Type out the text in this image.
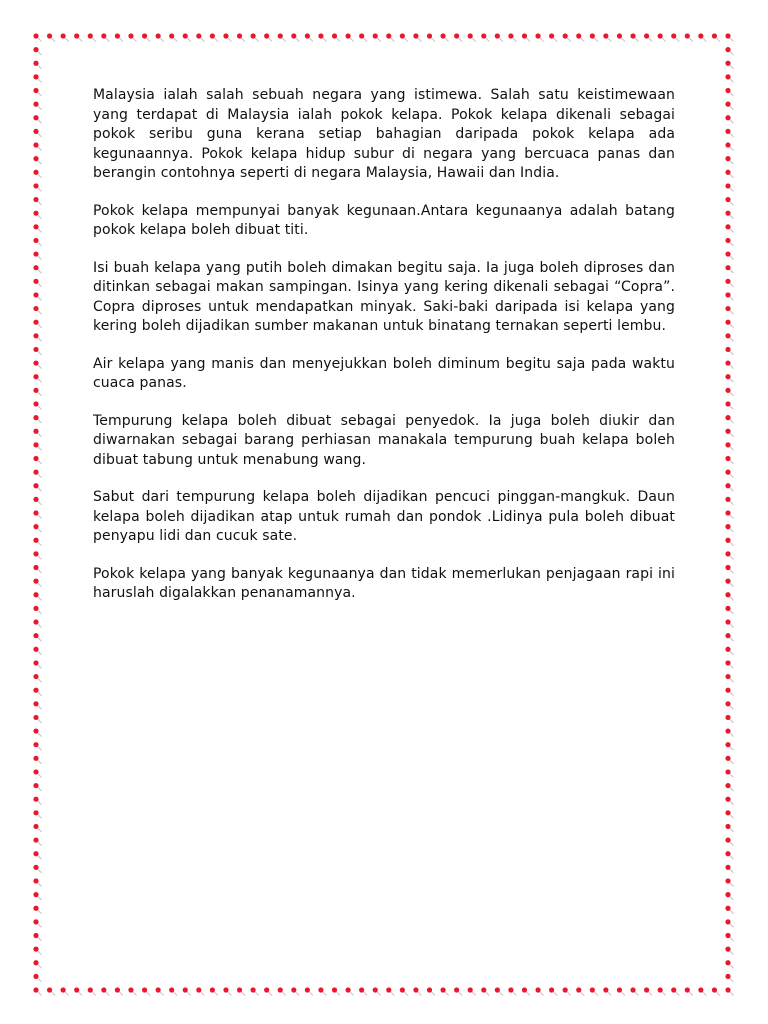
Malaysia ialah salah sebuah negara yang istimewa. Salah satu keistimewaan yang terdapat di Malaysia ialah pokok kelapa. Pokok kelapa dikenali sebagai pokok seribu guna kerana setiap bahagian daripada pokok kelapa ada kegunaannya. Pokok kelapa hidup subur di negara yang bercuaca panas dan berangin contohnya seperti di negara Malaysia, Hawaii dan India.

Pokok kelapa mempunyai banyak kegunaan.Antara kegunaanya adalah batang pokok kelapa boleh dibuat titi.

Isi buah kelapa yang putih boleh dimakan begitu saja. Ia juga boleh diproses dan ditinkan sebagai makan sampingan. Isinya yang kering dikenali sebagai “Copra”. Copra diproses untuk mendapatkan minyak. Saki-baki daripada isi kelapa yang kering boleh dijadikan sumber makanan untuk binatang ternakan seperti lembu.

Air kelapa yang manis dan menyejukkan boleh diminum begitu saja pada waktu cuaca panas.

Tempurung kelapa boleh dibuat sebagai penyedok. Ia juga boleh diukir dan diwarnakan sebagai barang perhiasan manakala tempurung buah kelapa boleh dibuat tabung untuk menabung wang.

Sabut dari tempurung kelapa boleh dijadikan pencuci pinggan-mangkuk. Daun kelapa boleh dijadikan atap untuk rumah dan pondok .Lidinya pula boleh dibuat penyapu lidi dan cucuk sate.

Pokok kelapa yang banyak kegunaanya dan tidak memerlukan penjagaan rapi ini haruslah digalakkan penanamannya.
